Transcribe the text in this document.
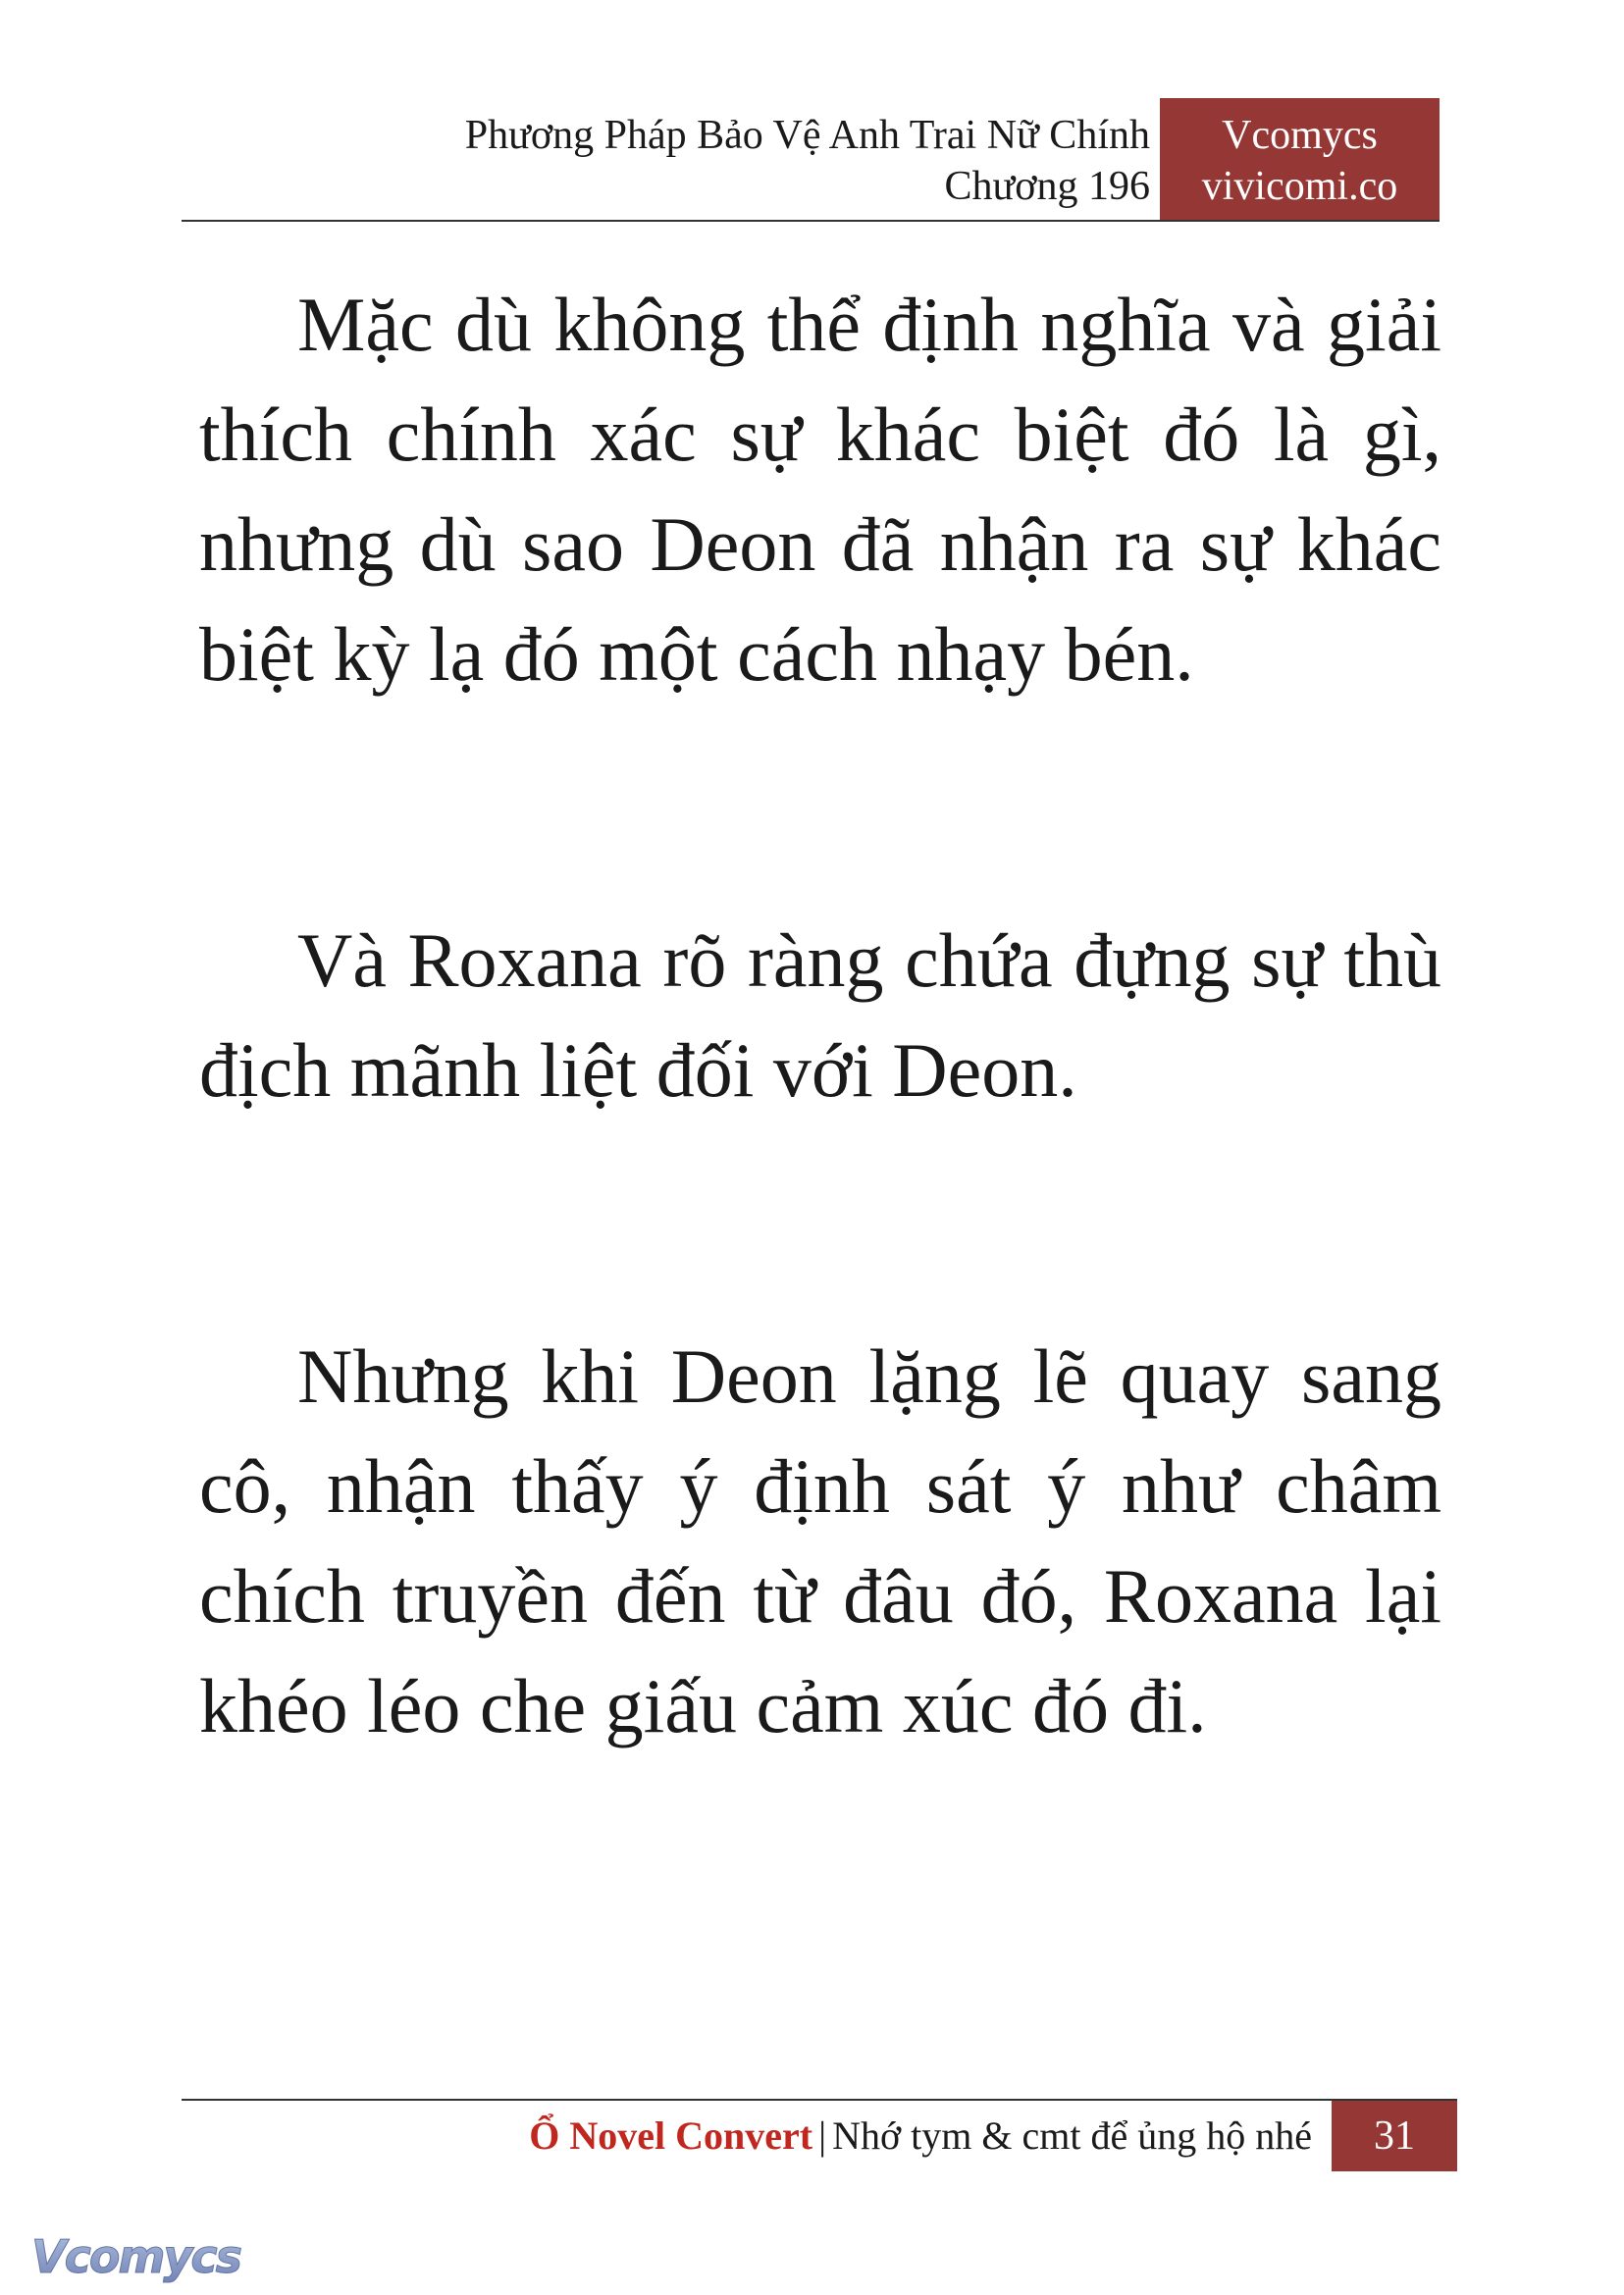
Phương Pháp Bảo Vệ Anh Trai Nữ Chính
Chương 196
Vcomycs
vivicomi.co

Mặc dù không thể định nghĩa và giải thích chính xác sự khác biệt đó là gì, nhưng dù sao Deon đã nhận ra sự khác biệt kỳ lạ đó một cách nhạy bén.

Và Roxana rõ ràng chứa đựng sự thù địch mãnh liệt đối với Deon.

Nhưng khi Deon lặng lẽ quay sang cô, nhận thấy ý định sát ý như châm chích truyền đến từ đâu đó, Roxana lại khéo léo che giấu cảm xúc đó đi.

Ổ Novel Convert | Nhớ tym & cmt để ủng hộ nhé	31
Vcomycs
